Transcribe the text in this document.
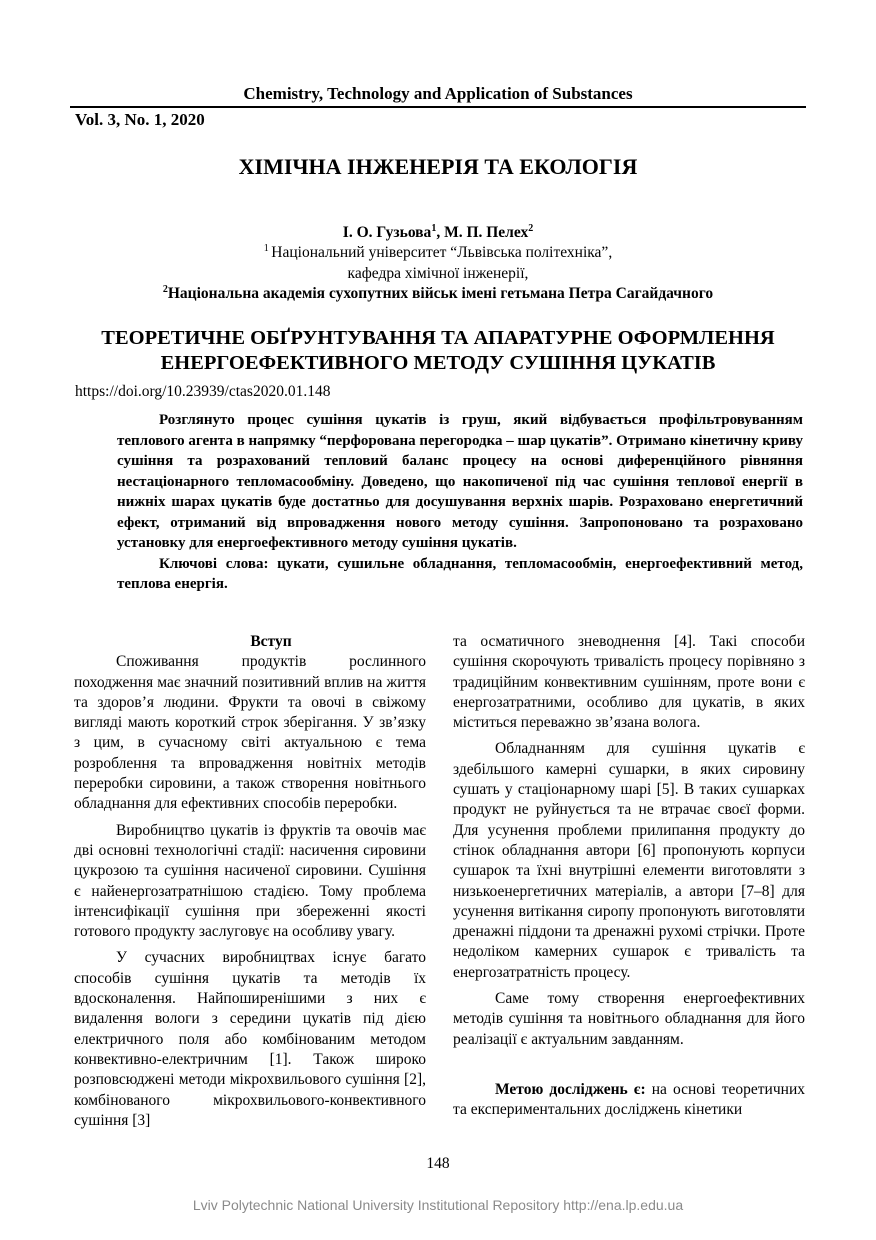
Chemistry, Technology and Application of Substances
Vol. 3, No. 1, 2020
ХІМІЧНА ІНЖЕНЕРІЯ ТА ЕКОЛОГІЯ
І. О. Гузьова$^1$, М. П. Пелех$^2$
$^1$ Національний університет “Львівська політехніка”,
кафедра хімічної інженерії,
$^2$Національна академія сухопутних військ імені гетьмана Петра Сагайдачного
ТЕОРЕТИЧНЕ ОБҐРУНТУВАННЯ ТА АПАРАТУРНЕ ОФОРМЛЕННЯ
ЕНЕРГОЕФЕКТИВНОГО МЕТОДУ СУШІННЯ ЦУКАТІВ
https://doi.org/10.23939/ctas2020.01.148

Розглянуто процес сушіння цукатів із груш, який відбувається профільтровуванням теплового агента в напрямку “перфорована перегородка – шар цукатів”. Отримано кінетичну криву сушіння та розрахований тепловий баланс процесу на основі диференційного рівняння нестаціонарного тепломасообміну. Доведено, що накопиченої під час сушіння теплової енергії в нижніх шарах цукатів буде достатньо для досушування верхніх шарів. Розраховано енергетичний ефект, отриманий від впровадження нового методу сушіння. Запропоновано та розраховано установку для енергоефективного методу сушіння цукатів.

Ключові слова: цукати, сушильне обладнання, тепломасообмін, енергоефективний метод, теплова енергія.

Вступ

Споживання продуктів рослинного походження має значний позитивний вплив на життя та здоров’я людини. Фрукти та овочі в свіжому вигляді мають короткий строк зберігання. У зв’язку з цим, в сучасному світі актуальною є тема розроблення та впровадження новітніх методів переробки сировини, а також створення новітнього обладнання для ефективних способів переробки.

Виробництво цукатів із фруктів та овочів має дві основні технологічні стадії: насичення сировини цукрозою та сушіння насиченої сировини. Сушіння є найенергозатратнішою стадією. Тому проблема інтенсифікації сушіння при збереженні якості готового продукту заслуговує на особливу увагу.

У сучасних виробництвах існує багато способів сушіння цукатів та методів їх вдосконалення. Найпоширенішими з них є видалення вологи з середини цукатів під дією електричного поля або комбінованим методом конвективно-електричним [1]. Також широко розповсюджені методи мікрохвильового сушіння [2], комбінованого мікрохвильового-конвективного сушіння [3]

та осматичного зневоднення [4]. Такі способи сушіння скорочують тривалість процесу порівняно з традиційним конвективним сушінням, проте вони є енергозатратними, особливо для цукатів, в яких міститься переважно зв’язана волога.

Обладнанням для сушіння цукатів є здебільшого камерні сушарки, в яких сировину сушать у стаціонарному шарі [5]. В таких сушарках продукт не руйнується та не втрачає своєї форми. Для усунення проблеми прилипання продукту до стінок обладнання автори [6] пропонують корпуси сушарок та їхні внутрішні елементи виготовляти з низькоенергетичних матеріалів, а автори [7–8] для усунення витікання сиропу пропонують виготовляти дренажні піддони та дренажні рухомі стрічки. Проте недоліком камерних сушарок є тривалість та енергозатратність процесу.

Саме тому створення енергоефективних методів сушіння та новітнього обладнання для його реалізації є актуальним завданням.

Метою досліджень є: на основі теоретичних та експериментальних досліджень кінетики

148
Lviv Polytechnic National University Institutional Repository http://ena.lp.edu.ua
